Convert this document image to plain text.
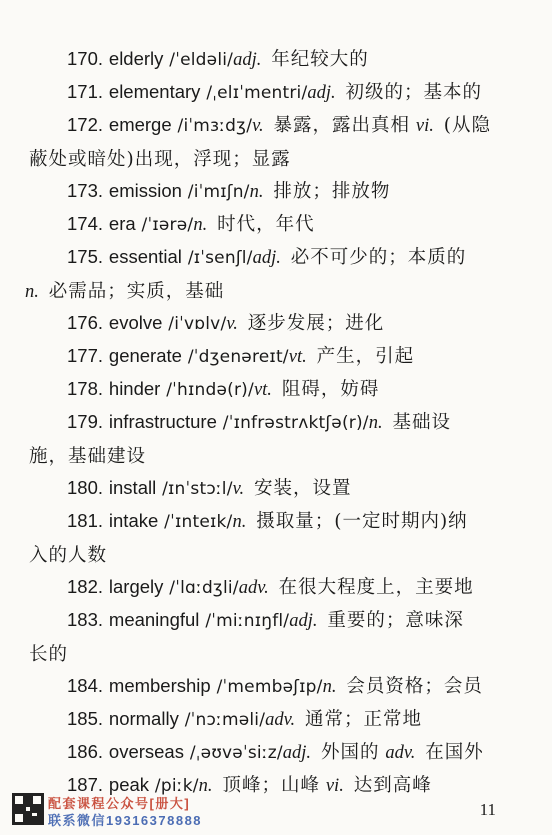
170. elderly /ˈeldəli/adj. 年纪较大的
171. elementary /ˌelɪˈmentri/adj. 初级的；基本的
172. emerge /iˈmɜːdʒ/v. 暴露，露出真相 vi. (从隐
蔽处或暗处)出现，浮现；显露
173. emission /iˈmɪʃn/n. 排放；排放物
174. era /ˈɪərə/n. 时代，年代
175. essential /ɪˈsenʃl/adj. 必不可少的；本质的
n. 必需品；实质，基础
176. evolve /iˈvɒlv/v. 逐步发展；进化
177. generate /ˈdʒenəreɪt/vt. 产生，引起
178. hinder /ˈhɪndə(r)/vt. 阻碍，妨碍
179. infrastructure /ˈɪnfrəstrʌktʃə(r)/n. 基础设
施，基础建设
180. install /ɪnˈstɔːl/v. 安装，设置
181. intake /ˈɪnteɪk/n. 摄取量；(一定时期内)纳
入的人数
182. largely /ˈlɑːdʒli/adv. 在很大程度上，主要地
183. meaningful /ˈmiːnɪŋfl/adj. 重要的；意味深
长的
184. membership /ˈmembəʃɪp/n. 会员资格；会员
185. normally /ˈnɔːməli/adv. 通常；正常地
186. overseas /ˌəʊvəˈsiːz/adj. 外国的 adv. 在国外
187. peak /piːk/n. 顶峰；山峰 vi. 达到高峰
配套课程公众号[册大]
联系微信19316378888
11
